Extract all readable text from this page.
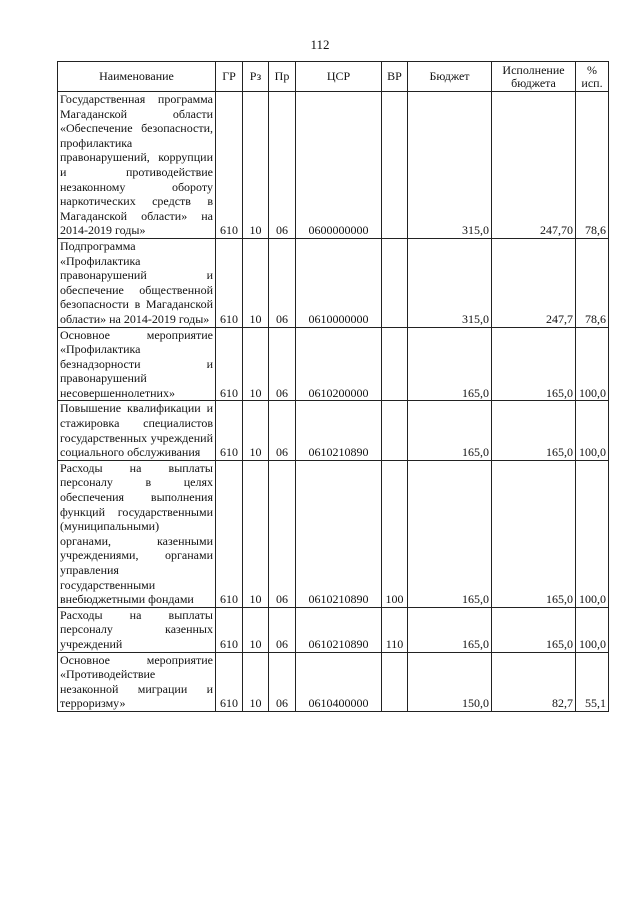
112
Наименование	ГР	Рз	Пр	ЦСР	ВР	Бюджет	Исполнение бюджета	% исп.
Государственная программа Магаданской области «Обеспечение безопасности, профилактика правонарушений, коррупции и противодействие незаконному обороту наркотических средств в Магаданской области» на 2014-2019 годы»	610	10	06	0600000000		315,0	247,70	78,6
Подпрограмма «Профилактика правонарушений и обеспечение общественной безопасности в Магаданской области» на 2014-2019 годы»	610	10	06	0610000000		315,0	247,7	78,6
Основное мероприятие «Профилактика безнадзорности и правонарушений несовершеннолетних»	610	10	06	0610200000		165,0	165,0	100,0
Повышение квалификации и стажировка специалистов государственных учреждений социального обслуживания	610	10	06	0610210890		165,0	165,0	100,0
Расходы на выплаты персоналу в целях обеспечения выполнения функций государственными (муниципальными) органами, казенными учреждениями, органами управления государственными внебюджетными фондами	610	10	06	0610210890	100	165,0	165,0	100,0
Расходы на выплаты персоналу казенных учреждений	610	10	06	0610210890	110	165,0	165,0	100,0
Основное мероприятие «Противодействие незаконной миграции и терроризму»	610	10	06	0610400000		150,0	82,7	55,1
